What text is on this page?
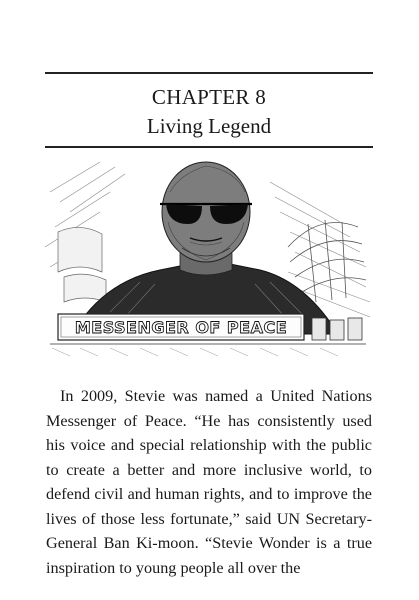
CHAPTER 8
Living Legend
MESSENGER OF PEACE

In 2009, Stevie was named a United Nations Messenger of Peace. “He has consistently used his voice and special relationship with the public to create a better and more inclusive world, to defend civil and human rights, and to improve the lives of those less fortunate,” said UN Secretary-General Ban Ki-moon. “Stevie Wonder is a true inspiration to young people all over the
